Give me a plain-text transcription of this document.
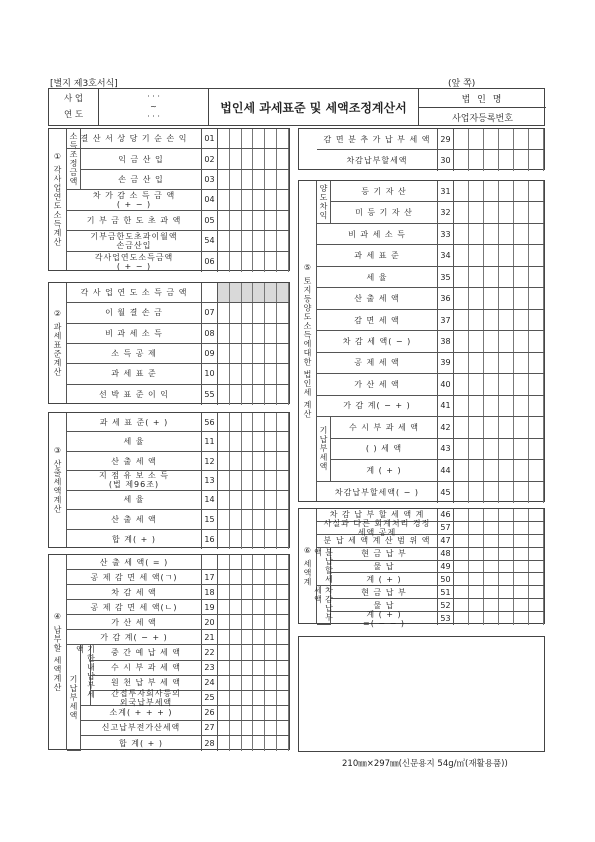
[별지 제3호서식]	(앞 쪽)
사 업
연 도
· · ·
~
· · ·
법인세 과세표준 및 세액조정계산서
법 인 명
사업자등록번호
① 각사업연도소득계산 소득조정금액 결 산 서 상 당 기 순 손 익	01
익 금 산 입	02
손 금 산 입	03
차 가 감 소 득 금 액
( + − )	04
기 부 금 한 도 초 과 액	05
기부금한도초과이월액
손금산입	54
각사업연도소득금액
( + − )	06
② 과세표준계산
각 사 업 연 도 소 득 금 액
이 월 결 손 금	07
비 과 세 소 득	08
소 득 공 제	09
과 세 표 준	10
선 박 표 준 이 익	55
③ 산출세액계산
과 세 표 준( + )	56
세 율	11
산 출 세 액	12
지 점 유 보 소 득
(법 제96조)	13
세 율	14
산 출 세 액	15
합 계( + )	16
④ 납부할 세액계산
기납부세액	기한내납부세액
산 출 세 액( = )
공 제 감 면 세 액(ㄱ)	17
차 감 세 액	18
공 제 감 면 세 액(ㄴ)	19
가 산 세 액	20
가 감 계( − + )	21
중 간 예 납 세 액	22
수 시 부 과 세 액	23
원 천 납 부 세 액	24
간접투자회사등의
외국납부세액	25
소계( + + + )	26
신고납부전가산세액	27
합 계( + )	28
감 면 분 추 가 납 부 세 액	29
차감납부할세액	30
⑤ 토지등양도소득에대한 법인세 계산
양도차익
기납부세액
등 기 자 산	31
미 등 기 자 산	32
비 과 세 소 득	33
과 세 표 준	34
세 율	35
산 출 세 액	36
감 면 세 액	37
차 감 세 액( − )	38
공 제 세 액	39
가 산 세 액	40
가 감 계( − + )	41
수 시 부 과 세 액	42
( ) 세 액	43
계 ( + )	44
차감납부할세액( − )	45
⑥ 세액계	분납할세액
차감납부세액
차 감 납 부 할 세 액 계	46
사실과 다른 회계처리 경정
세액 공제	57
분 납 세 액 계 산 범 위 액	47
현 금 납 부	48
물 납	49
계 ( + )	50
현 금 납 부	51
물 납	52
계 ( + )
=( − − )	53
210㎜×297㎜(신문용지 54g/㎡(재활용품))
